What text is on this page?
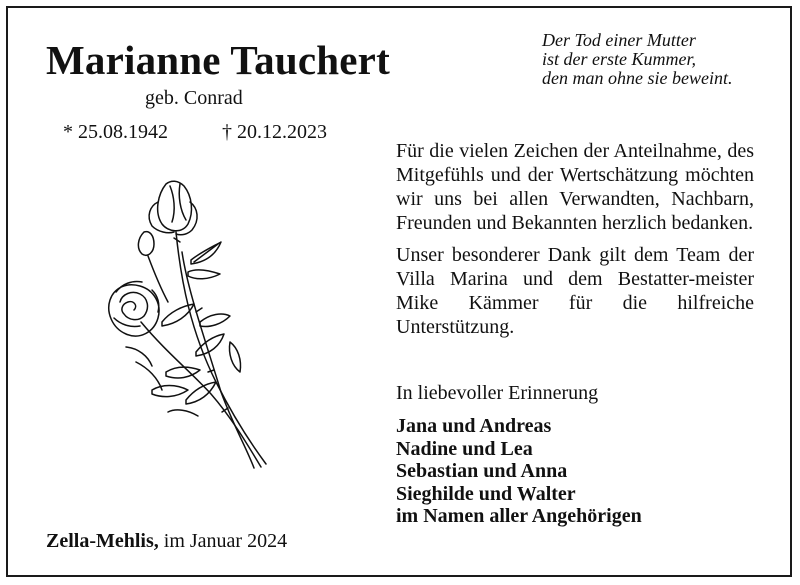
Marianne Tauchert
geb. Conrad
* 25.08.1942	† 20.12.2023
Der Tod einer Mutter
ist der erste Kummer,
den man ohne sie beweint.

Für die vielen Zeichen der Anteilnahme, des Mitgefühls und der Wertschätzung möchten wir uns bei allen Verwandten, Nachbarn, Freunden und Bekannten herzlich bedanken.

Unser besonderer Dank gilt dem Team der Villa Marina und dem Bestatter-meister Mike Kämmer für die hilfreiche Unterstützung.

In liebevoller Erinnerung
Jana und Andreas
Nadine und Lea
Sebastian und Anna
Sieghilde und Walter
im Namen aller Angehörigen
Zella-Mehlis, im Januar 2024
